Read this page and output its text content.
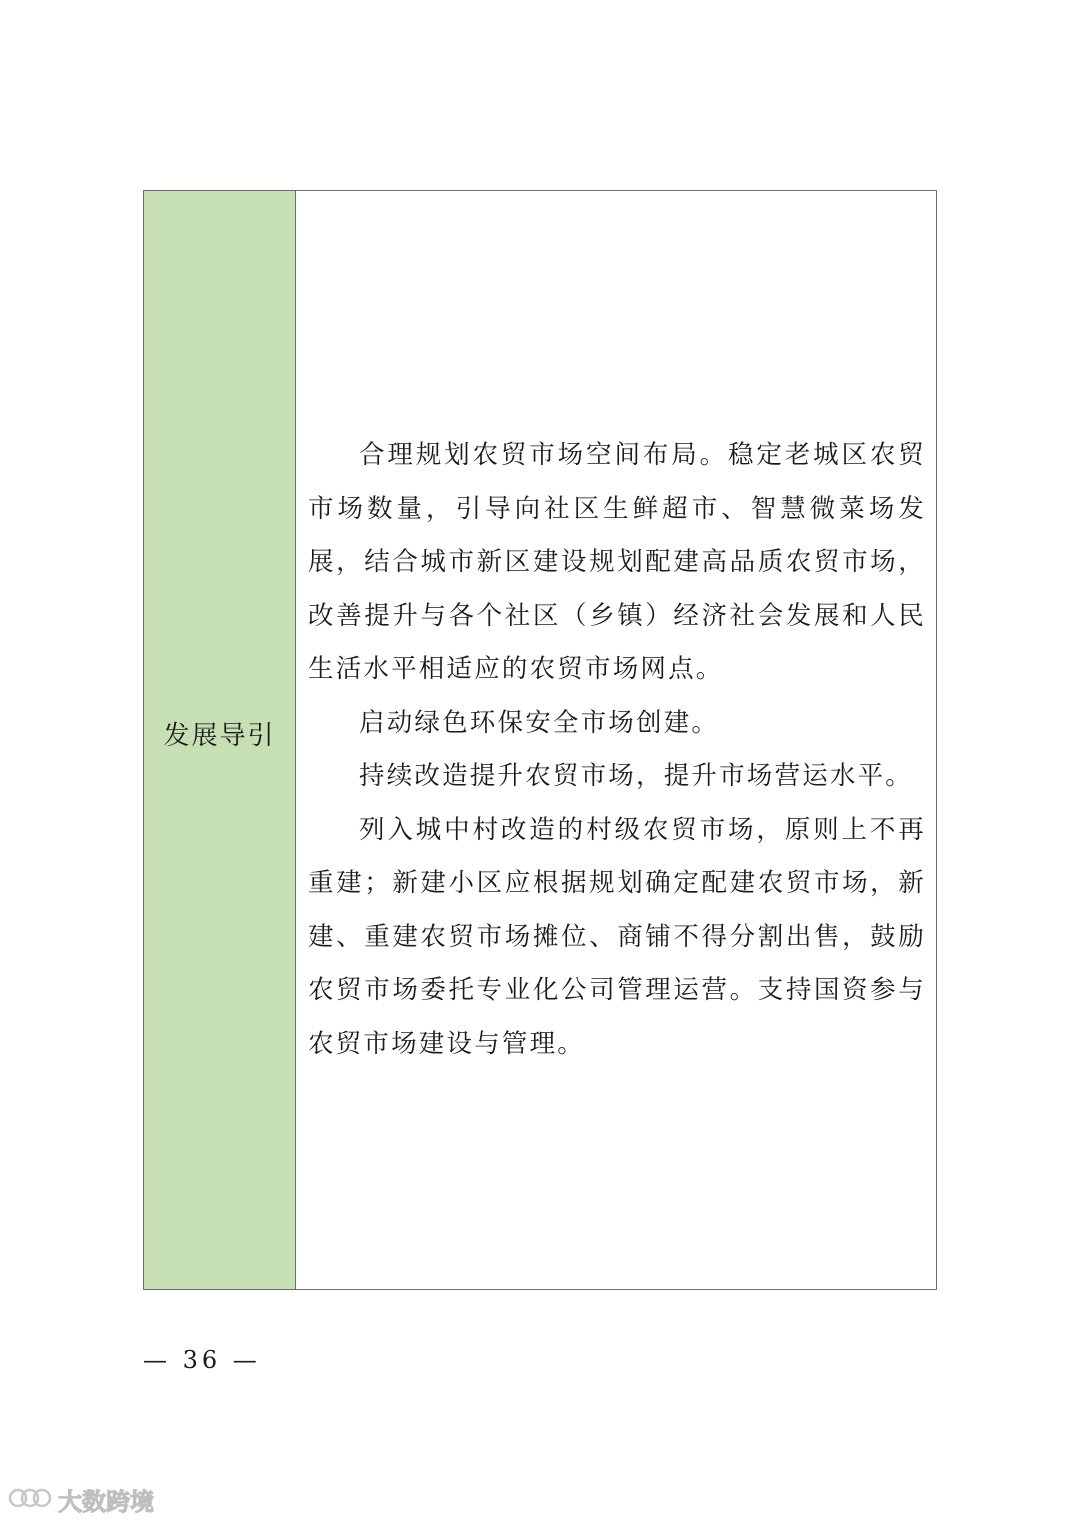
发展导引

合理规划农贸市场空间布局。稳定老城区农贸市场数量，引导向社区生鲜超市、智慧微菜场发展，结合城市新区建设规划配建高品质农贸市场，改善提升与各个社区（乡镇）经济社会发展和人民生活水平相适应的农贸市场网点。

启动绿色环保安全市场创建。

持续改造提升农贸市场，提升市场营运水平。

列入城中村改造的村级农贸市场，原则上不再重建；新建小区应根据规划确定配建农贸市场，新建、重建农贸市场摊位、商铺不得分割出售，鼓励农贸市场委托专业化公司管理运营。支持国资参与农贸市场建设与管理。

— 36 —
大数跨境
